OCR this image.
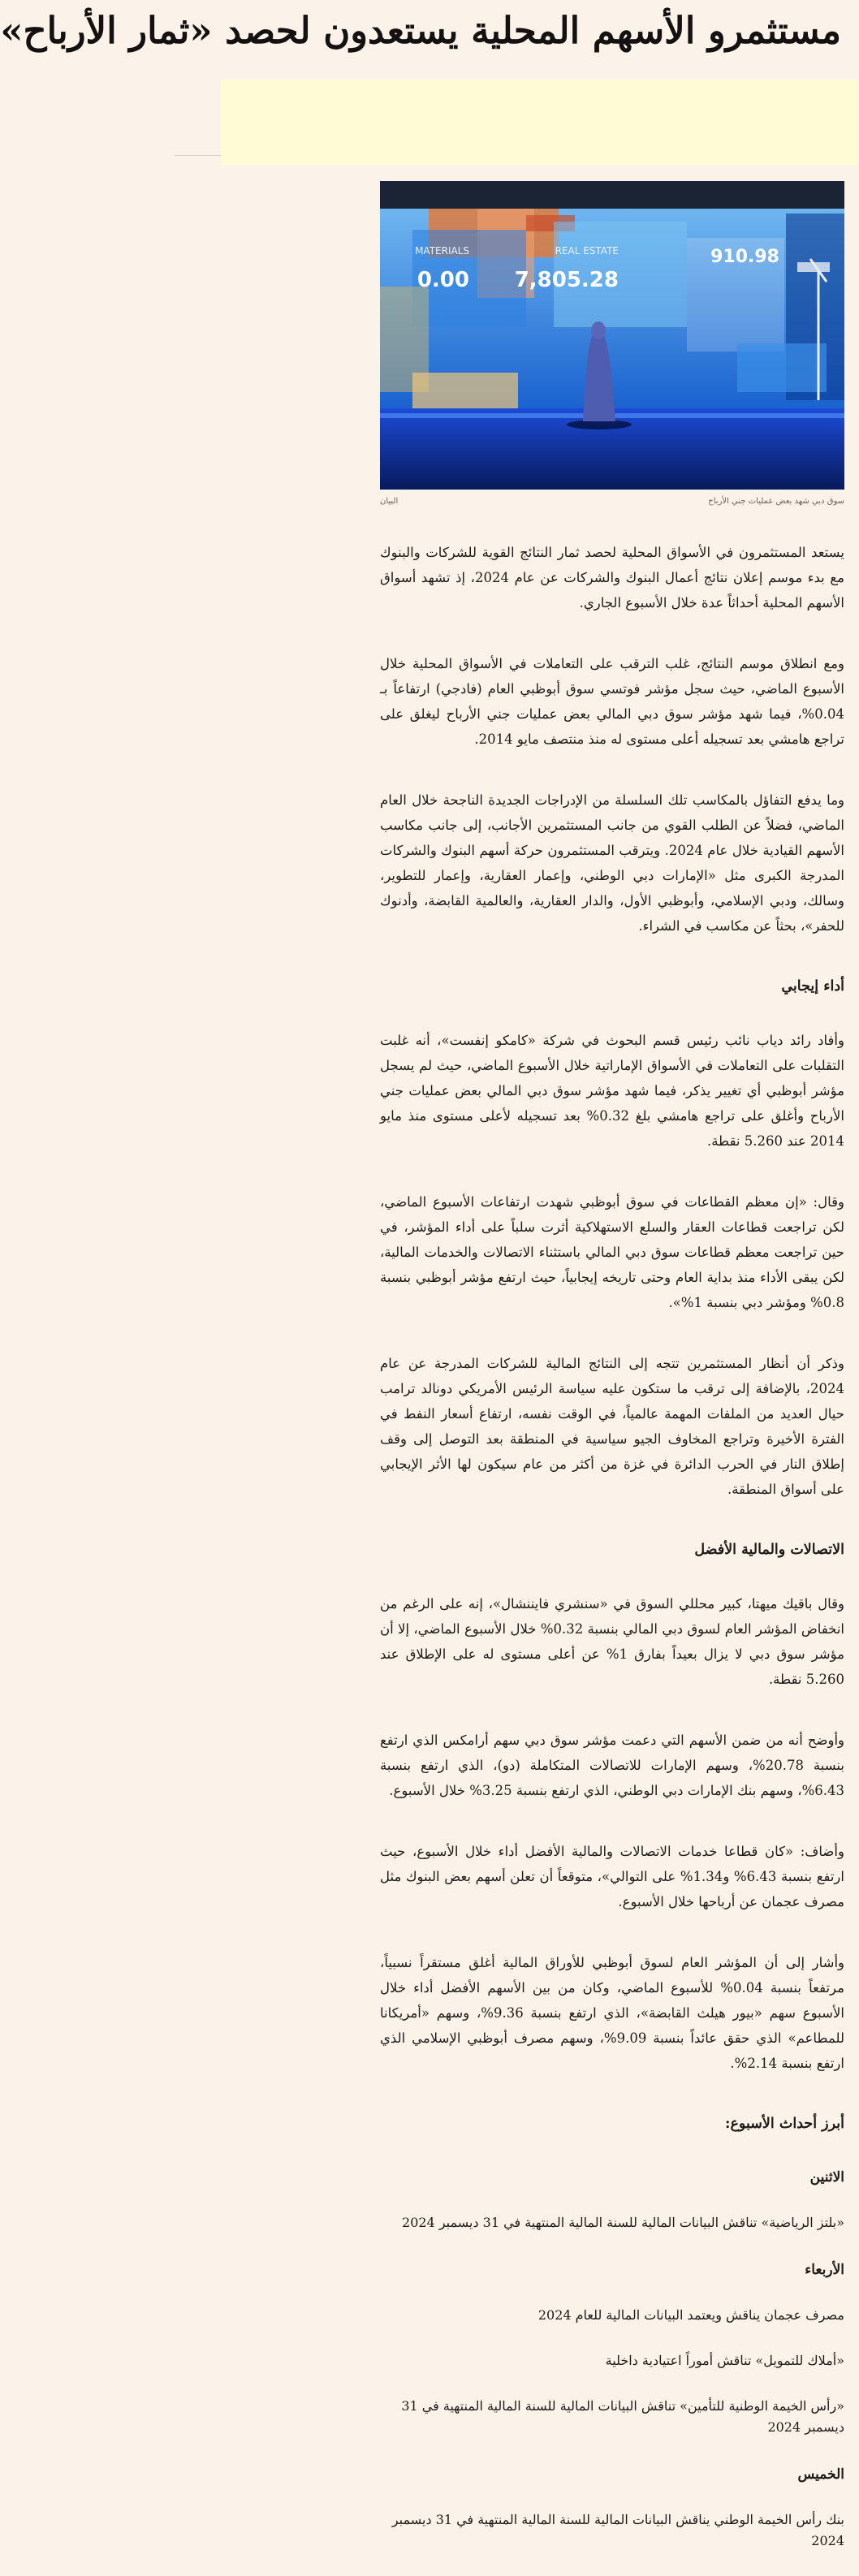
مستثمرو الأسهم المحلية يستعدون لحصد «ثمار الأرباح»
MATERIALS
0.00
REAL ESTATE
7,805.28
910.98
سوق دبي شهد بعض عمليات جني الأرباح
البيان

يستعد المستثمرون في الأسواق المحلية لحصد ثمار النتائج القوية للشركات والبنوك مع بدء موسم إعلان نتائج أعمال البنوك والشركات عن عام 2024، إذ تشهد أسواق الأسهم المحلية أحداثاً عدة خلال الأسبوع الجاري.

ومع انطلاق موسم النتائج، غلب الترقب على التعاملات في الأسواق المحلية خلال الأسبوع الماضي، حيث سجل مؤشر فوتسي سوق أبوظبي العام (فادجي) ارتفاعاً بـ 0.04%، فيما شهد مؤشر سوق دبي المالي بعض عمليات جني الأرباح ليغلق على تراجع هامشي بعد تسجيله أعلى مستوى له منذ منتصف مايو 2014.

وما يدفع التفاؤل بالمكاسب تلك السلسلة من الإدراجات الجديدة الناجحة خلال العام الماضي، فضلاً عن الطلب القوي من جانب المستثمرين الأجانب، إلى جانب مكاسب الأسهم القيادية خلال عام 2024. ويترقب المستثمرون حركة أسهم البنوك والشركات المدرجة الكبرى مثل «الإمارات دبي الوطني، وإعمار العقارية، وإعمار للتطوير، وسالك، ودبي الإسلامي، وأبوظبي الأول، والدار العقارية، والعالمية القابضة، وأدنوك للحفر»، بحثاً عن مكاسب في الشراء.

أداء إيجابي

وأفاد رائد دياب نائب رئيس قسم البحوث في شركة «كامكو إنفست»، أنه غلبت التقلبات على التعاملات في الأسواق الإماراتية خلال الأسبوع الماضي، حيث لم يسجل مؤشر أبوظبي أي تغيير يذكر، فيما شهد مؤشر سوق دبي المالي بعض عمليات جني الأرباح وأغلق على تراجع هامشي بلغ 0.32% بعد تسجيله لأعلى مستوى منذ مايو 2014 عند 5.260 نقطة.

وقال: «إن معظم القطاعات في سوق أبوظبي شهدت ارتفاعات الأسبوع الماضي، لكن تراجعت قطاعات العقار والسلع الاستهلاكية أثرت سلباً على أداء المؤشر، في حين تراجعت معظم قطاعات سوق دبي المالي باستثناء الاتصالات والخدمات المالية، لكن يبقى الأداء منذ بداية العام وحتى تاريخه إيجابياً، حيث ارتفع مؤشر أبوظبي بنسبة 0.8% ومؤشر دبي بنسبة 1%».

وذكر أن أنظار المستثمرين تتجه إلى النتائج المالية للشركات المدرجة عن عام 2024، بالإضافة إلى ترقب ما ستكون عليه سياسة الرئيس الأمريكي دونالد ترامب حيال العديد من الملفات المهمة عالمياً، في الوقت نفسه، ارتفاع أسعار النفط في الفترة الأخيرة وتراجع المخاوف الجيو سياسية في المنطقة بعد التوصل إلى وقف إطلاق النار في الحرب الدائرة في غزة من أكثر من عام سيكون لها الأثر الإيجابي على أسواق المنطقة.

الاتصالات والمالية الأفضل

وقال باقيك ميهتا، كبير محللي السوق في «سنشري فايننشال»، إنه على الرغم من انخفاض المؤشر العام لسوق دبي المالي بنسبة 0.32% خلال الأسبوع الماضي، إلا أن مؤشر سوق دبي لا يزال بعيداً بفارق 1% عن أعلى مستوى له على الإطلاق عند 5.260 نقطة.

وأوضح أنه من ضمن الأسهم التي دعمت مؤشر سوق دبي سهم أرامكس الذي ارتفع بنسبة 20.78%، وسهم الإمارات للاتصالات المتكاملة (دو)، الذي ارتفع بنسبة 6.43%، وسهم بنك الإمارات دبي الوطني، الذي ارتفع بنسبة 3.25% خلال الأسبوع.

وأضاف: «كان قطاعا خدمات الاتصالات والمالية الأفضل أداء خلال الأسبوع، حيث ارتفع بنسبة 6.43% و1.34% على التوالي»، متوقعاً أن تعلن أسهم بعض البنوك مثل مصرف عجمان عن أرباحها خلال الأسبوع.

وأشار إلى أن المؤشر العام لسوق أبوظبي للأوراق المالية أغلق مستقراً نسبياً، مرتفعاً بنسبة 0.04% للأسبوع الماضي، وكان من بين الأسهم الأفضل أداء خلال الأسبوع سهم «بيور هيلث القابضة»، الذي ارتفع بنسبة 9.36%، وسهم «أمريكانا للمطاعم» الذي حقق عائداً بنسبة 9.09%، وسهم مصرف أبوظبي الإسلامي الذي ارتفع بنسبة 2.14%.

أبرز أحداث الأسبوع:
الاثنين
«بلتز الرياضية» تناقش البيانات المالية للسنة المالية المنتهية في 31 ديسمبر 2024
الأربعاء
مصرف عجمان يناقش ويعتمد البيانات المالية للعام 2024
«أملاك للتمويل» تناقش أموراً اعتيادية داخلية
«رأس الخيمة الوطنية للتأمين» تناقش البيانات المالية للسنة المالية المنتهية في 31 ديسمبر 2024
الخميس
بنك رأس الخيمة الوطني يناقش البيانات المالية للسنة المالية المنتهية في 31 ديسمبر 2024
